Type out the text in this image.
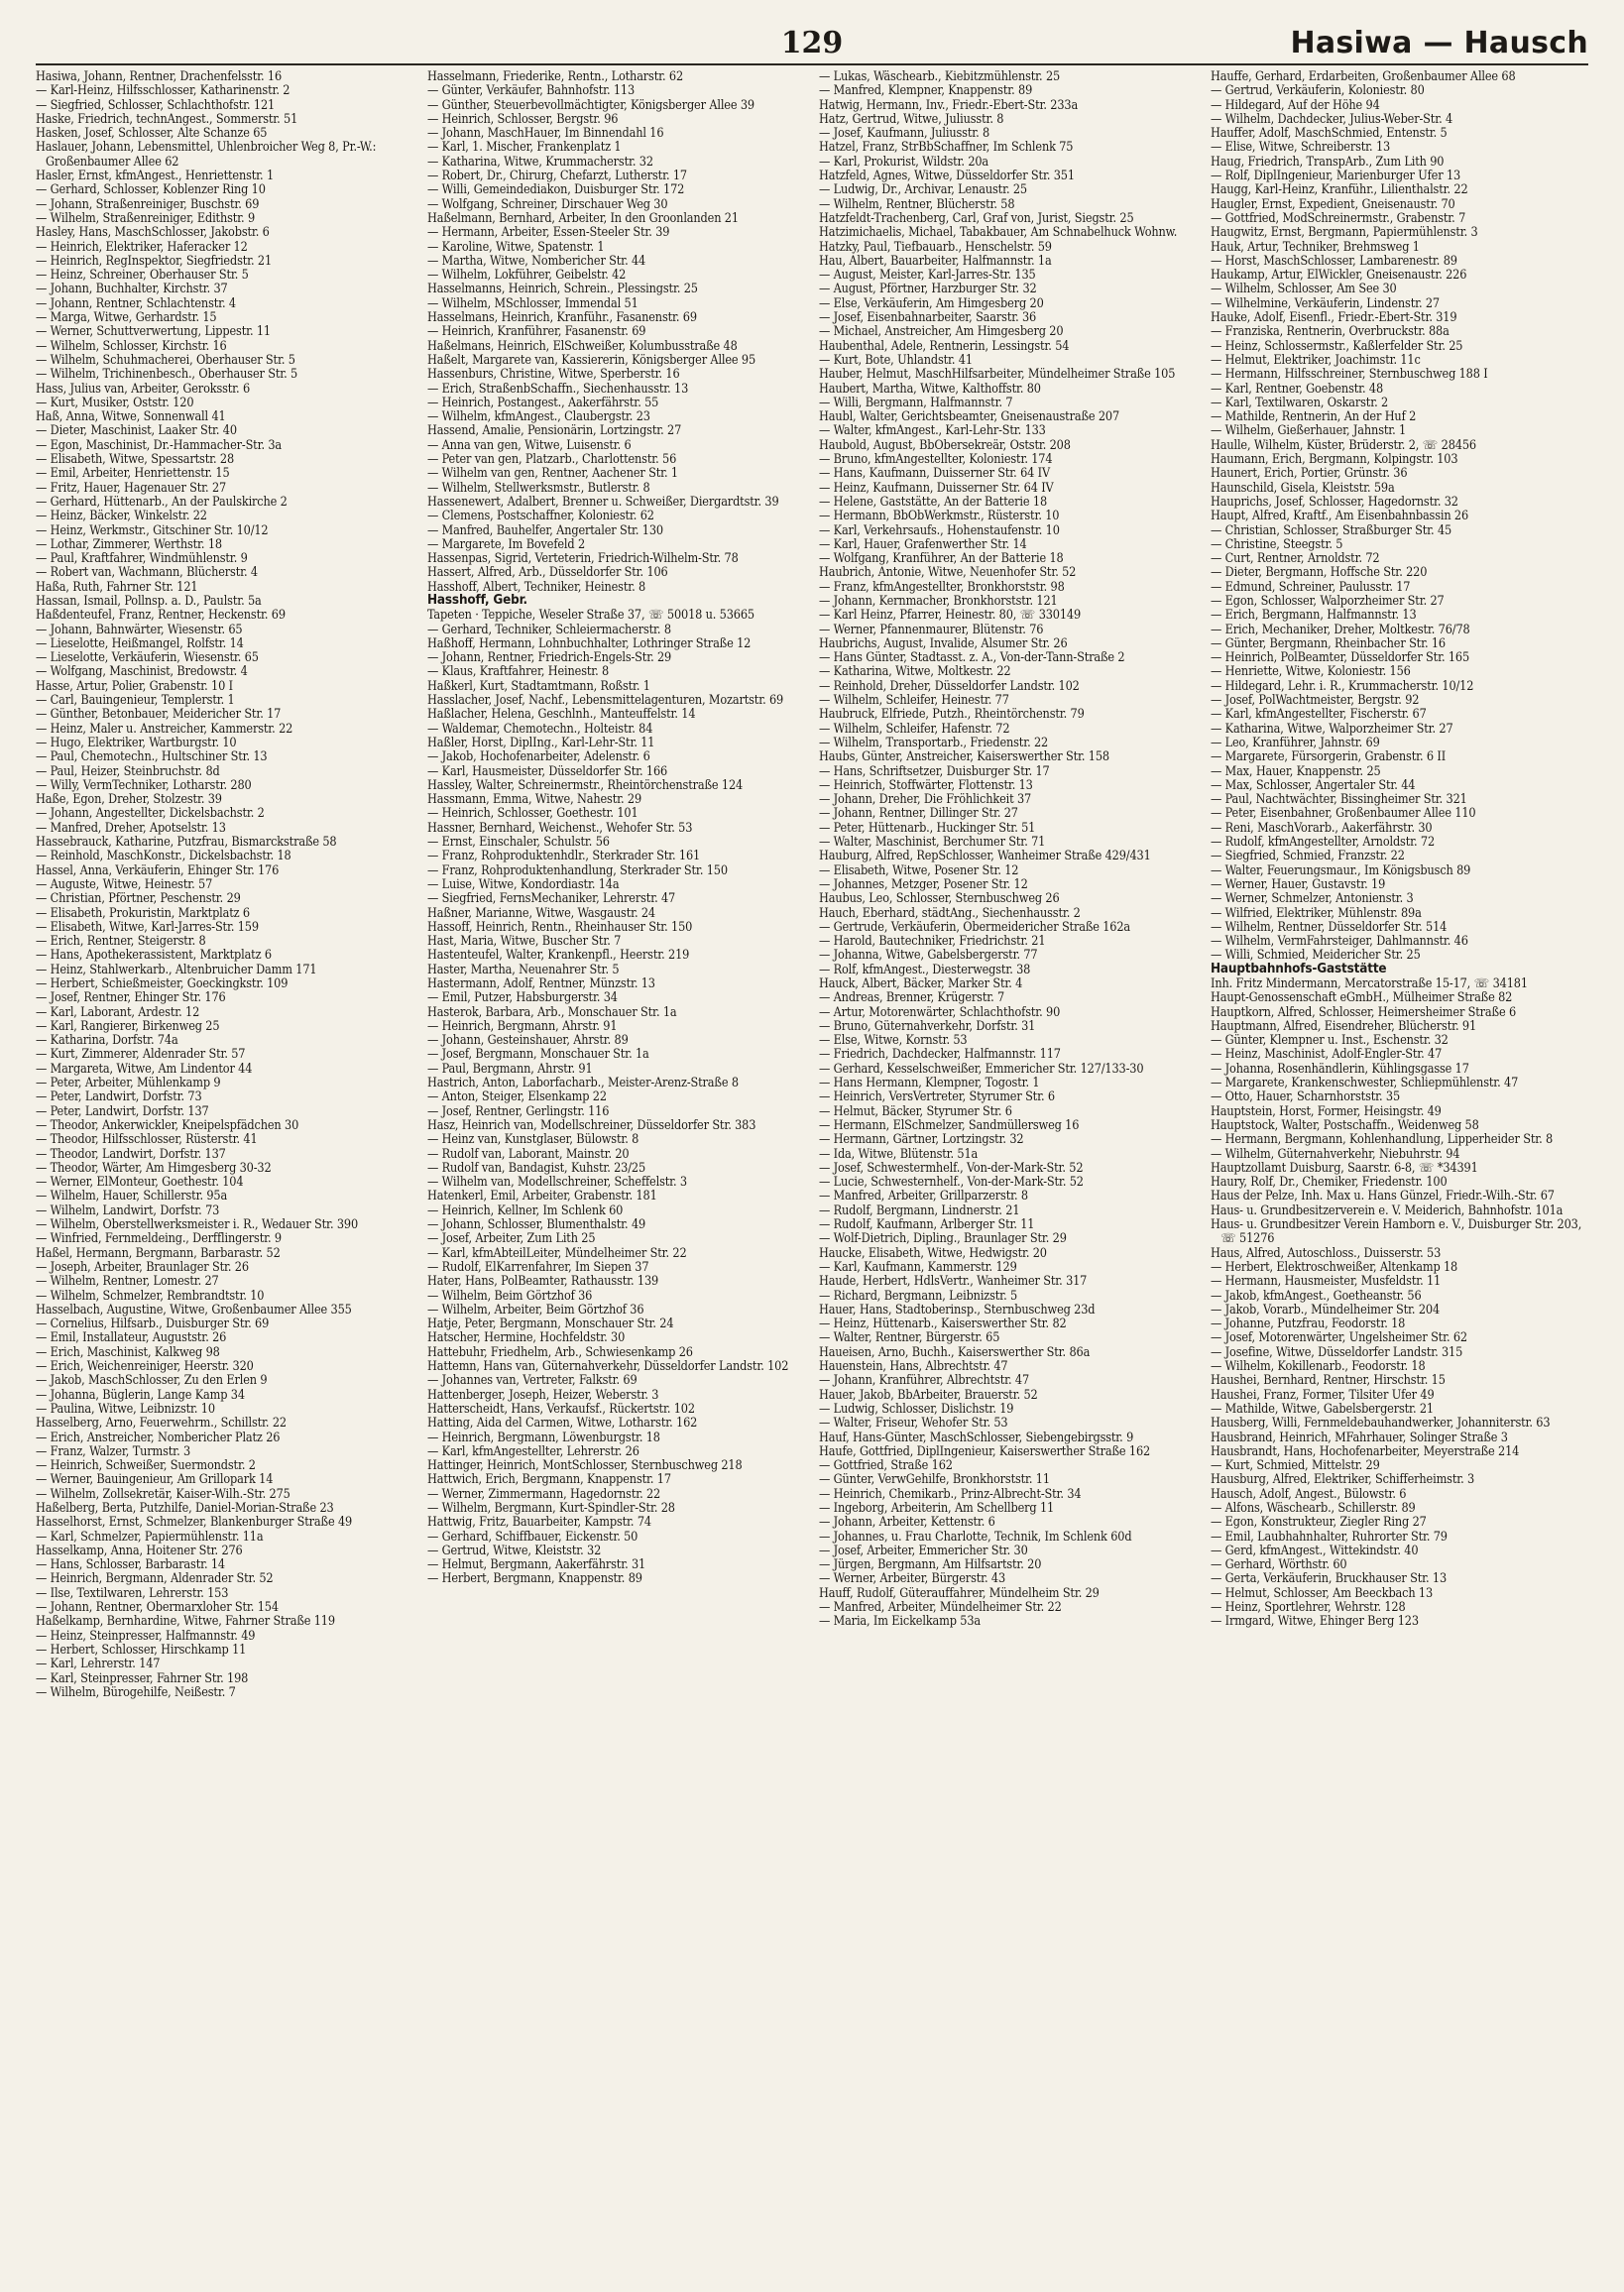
129	Hasiwa — Hausch
Hasiwa, Johann, Rentner, Drachenfelsstr. 16
— Karl-Heinz, Hilfsschlosser, Katharinenstr. 2
— Siegfried, Schlosser, Schlachthofstr. 121
Haske, Friedrich, technAngest., Sommerstr. 51
Hasken, Josef, Schlosser, Alte Schanze 65
Haslauer, Johann, Lebensmittel, Uhlenbroicher Weg 8, Pr.-W.: Großenbaumer Allee 62
Hasler, Ernst, kfmAngest., Henriettenstr. 1
— Gerhard, Schlosser, Koblenzer Ring 10
— Johann, Straßenreiniger, Buschstr. 69
— Wilhelm, Straßenreiniger, Edithstr. 9
Hasley, Hans, MaschSchlosser, Jakobstr. 6
— Heinrich, Elektriker, Haferacker 12
— Heinrich, RegInspektor, Siegfriedstr. 21
— Heinz, Schreiner, Oberhauser Str. 5
— Johann, Buchhalter, Kirchstr. 37
— Johann, Rentner, Schlachtenstr. 4
— Marga, Witwe, Gerhardstr. 15
— Werner, Schuttverwertung, Lippestr. 11
— Wilhelm, Schlosser, Kirchstr. 16
— Wilhelm, Schuhmacherei, Oberhauser Str. 5
— Wilhelm, Trichinenbesch., Oberhauser Str. 5
Hass, Julius van, Arbeiter, Geroksstr. 6
— Kurt, Musiker, Oststr. 120
Haß, Anna, Witwe, Sonnenwall 41
— Dieter, Maschinist, Laaker Str. 40
— Egon, Maschinist, Dr.-Hammacher-Str. 3a
— Elisabeth, Witwe, Spessartstr. 28
— Emil, Arbeiter, Henriettenstr. 15
— Fritz, Hauer, Hagenauer Str. 27
— Gerhard, Hüttenarb., An der Paulskirche 2
— Heinz, Bäcker, Winkelstr. 22
— Heinz, Werkmstr., Gitschiner Str. 10/12
— Lothar, Zimmerer, Werthstr. 18
— Paul, Kraftfahrer, Windmühlenstr. 9
— Robert van, Wachmann, Blücherstr. 4
Haßa, Ruth, Fahrner Str. 121
Hassan, Ismail, Pollnsp. a. D., Paulstr. 5a
Haßdenteufel, Franz, Rentner, Heckenstr. 69
— Johann, Bahnwärter, Wiesenstr. 65
— Lieselotte, Heißmangel, Rolfstr. 14
— Lieselotte, Verkäuferin, Wiesenstr. 65
— Wolfgang, Maschinist, Bredowstr. 4
Hasse, Artur, Polier, Grabenstr. 10 I
— Carl, Bauingenieur, Templerstr. 1
— Günther, Betonbauer, Meidericher Str. 17
— Heinz, Maler u. Anstreicher, Kammerstr. 22
— Hugo, Elektriker, Wartburgstr. 10
— Paul, Chemotechn., Hultschiner Str. 13
— Paul, Heizer, Steinbruchstr. 8d
— Willy, VermTechniker, Lotharstr. 280
Haße, Egon, Dreher, Stolzestr. 39
— Johann, Angestellter, Dickelsbachstr. 2
— Manfred, Dreher, Apotselstr. 13
Hassebrauck, Katharine, Putzfrau, Bismarckstraße 58
— Reinhold, MaschKonstr., Dickelsbachstr. 18
Hassel, Anna, Verkäuferin, Ehinger Str. 176
— Auguste, Witwe, Heinestr. 57
— Christian, Pförtner, Peschenstr. 29
— Elisabeth, Prokuristin, Marktplatz 6
— Elisabeth, Witwe, Karl-Jarres-Str. 159
— Erich, Rentner, Steigerstr. 8
— Hans, Apothekerassistent, Marktplatz 6
— Heinz, Stahlwerkarb., Altenbruicher Damm 171
— Herbert, Schießmeister, Goeckingkstr. 109
— Josef, Rentner, Ehinger Str. 176
— Karl, Laborant, Ardestr. 12
— Karl, Rangierer, Birkenweg 25
— Katharina, Dorfstr. 74a
— Kurt, Zimmerer, Aldenrader Str. 57
— Margareta, Witwe, Am Lindentor 44
— Peter, Arbeiter, Mühlenkamp 9
— Peter, Landwirt, Dorfstr. 73
— Peter, Landwirt, Dorfstr. 137
— Theodor, Ankerwickler, Kneipelspfädchen 30
— Theodor, Hilfsschlosser, Rüsterstr. 41
— Theodor, Landwirt, Dorfstr. 137
— Theodor, Wärter, Am Himgesberg 30-32
— Werner, ElMonteur, Goethestr. 104
— Wilhelm, Hauer, Schillerstr. 95a
— Wilhelm, Landwirt, Dorfstr. 73
— Wilhelm, Oberstellwerksmeister i. R., Wedauer Str. 390
— Winfried, Fernmeldeing., Derfflingerstr. 9
Haßel, Hermann, Bergmann, Barbarastr. 52
— Joseph, Arbeiter, Braunlager Str. 26
— Wilhelm, Rentner, Lomestr. 27
— Wilhelm, Schmelzer, Rembrandtstr. 10
Hasselbach, Augustine, Witwe, Großenbaumer Allee 355
— Cornelius, Hilfsarb., Duisburger Str. 69
— Emil, Installateur, Auguststr. 26
— Erich, Maschinist, Kalkweg 98
— Erich, Weichenreiniger, Heerstr. 320
— Jakob, MaschSchlosser, Zu den Erlen 9
— Johanna, Büglerin, Lange Kamp 34
— Paulina, Witwe, Leibnizstr. 10
Hasselberg, Arno, Feuerwehrm., Schillstr. 22
— Erich, Anstreicher, Nombericher Platz 26
— Franz, Walzer, Turmstr. 3
— Heinrich, Schweißer, Suermondstr. 2
— Werner, Bauingenieur, Am Grillopark 14
— Wilhelm, Zollsekretär, Kaiser-Wilh.-Str. 275
Haßelberg, Berta, Putzhilfe, Daniel-Morian-Straße 23
Hasselhorst, Ernst, Schmelzer, Blankenburger Straße 49
— Karl, Schmelzer, Papiermühlenstr. 11a
Hasselkamp, Anna, Hoitener Str. 276
— Hans, Schlosser, Barbarastr. 14
— Heinrich, Bergmann, Aldenrader Str. 52
— Ilse, Textilwaren, Lehrerstr. 153
— Johann, Rentner, Obermarxloher Str. 154
Haßelkamp, Bernhardine, Witwe, Fahrner Straße 119
— Heinz, Steinpresser, Halfmannstr. 49
— Herbert, Schlosser, Hirschkamp 11
— Karl, Lehrerstr. 147
— Karl, Steinpresser, Fahrner Str. 198
— Wilhelm, Bürogehilfe, Neißestr. 7
Hasselmann, Friederike, Rentn., Lotharstr. 62
— Günter, Verkäufer, Bahnhofstr. 113
— Günther, Steuerbevollmächtigter, Königsberger Allee 39
— Heinrich, Schlosser, Bergstr. 96
— Johann, MaschHauer, Im Binnendahl 16
— Karl, 1. Mischer, Frankenplatz 1
— Katharina, Witwe, Krummacherstr. 32
— Robert, Dr., Chirurg, Chefarzt, Lutherstr. 17
— Willi, Gemeindediakon, Duisburger Str. 172
— Wolfgang, Schreiner, Dirschauer Weg 30
Haßelmann, Bernhard, Arbeiter, In den Groonlanden 21
— Hermann, Arbeiter, Essen-Steeler Str. 39
— Karoline, Witwe, Spatenstr. 1
— Martha, Witwe, Nombericher Str. 44
— Wilhelm, Lokführer, Geibelstr. 42
Hasselmanns, Heinrich, Schrein., Plessingstr. 25
— Wilhelm, MSchlosser, Immendal 51
Hasselmans, Heinrich, Kranführ., Fasanenstr. 69
— Heinrich, Kranführer, Fasanenstr. 69
Haßelmans, Heinrich, ElSchweißer, Kolumbusstraße 48
Haßelt, Margarete van, Kassiererin, Königsberger Allee 95
Hassenburs, Christine, Witwe, Sperberstr. 16
— Erich, StraßenbSchaffn., Siechenhausstr. 13
— Heinrich, Postangest., Aakerfährstr. 55
— Wilhelm, kfmAngest., Claubergstr. 23
Hassend, Amalie, Pensionärin, Lortzingstr. 27
— Anna van gen, Witwe, Luisenstr. 6
— Peter van gen, Platzarb., Charlottenstr. 56
— Wilhelm van gen, Rentner, Aachener Str. 1
— Wilhelm, Stellwerksmstr., Butlerstr. 8
Hassenewert, Adalbert, Brenner u. Schweißer, Diergardtstr. 39
— Clemens, Postschaffner, Koloniestr. 62
— Manfred, Bauhelfer, Angertaler Str. 130
— Margarete, Im Bovefeld 2
Hassenpas, Sigrid, Verteterin, Friedrich-Wilhelm-Str. 78
Hassert, Alfred, Arb., Düsseldorfer Str. 106
Hasshoff, Albert, Techniker, Heinestr. 8
Hasshoff, Gebr.
Tapeten · Teppiche, Weseler Straße 37, ☏ 50018 u. 53665
— Gerhard, Techniker, Schleiermacherstr. 8
Haßhoff, Hermann, Lohnbuchhalter, Lothringer Straße 12
— Johann, Rentner, Friedrich-Engels-Str. 29
— Klaus, Kraftfahrer, Heinestr. 8
Haßkerl, Kurt, Stadtamtmann, Roßstr. 1
Hasslacher, Josef, Nachf., Lebensmittelagenturen, Mozartstr. 69
Haßlacher, Helena, Geschlnh., Manteuffelstr. 14
— Waldemar, Chemotechn., Holteistr. 84
Haßler, Horst, DiplIng., Karl-Lehr-Str. 11
— Jakob, Hochofenarbeiter, Adelenstr. 6
— Karl, Hausmeister, Düsseldorfer Str. 166
Hassley, Walter, Schreinermstr., Rheintörchenstraße 124
Hassmann, Emma, Witwe, Nahestr. 29
— Heinrich, Schlosser, Goethestr. 101
Hassner, Bernhard, Weichenst., Wehofer Str. 53
— Ernst, Einschaler, Schulstr. 56
— Franz, Rohproduktenhdlr., Sterkrader Str. 161
— Franz, Rohproduktenhandlung, Sterkrader Str. 150
— Luise, Witwe, Kondordiastr. 14a
— Siegfried, FernsMechaniker, Lehrerstr. 47
Haßner, Marianne, Witwe, Wasgaustr. 24
Hassoff, Heinrich, Rentn., Rheinhauser Str. 150
Hast, Maria, Witwe, Buscher Str. 7
Hastenteufel, Walter, Krankenpfl., Heerstr. 219
Haster, Martha, Neuenahrer Str. 5
Hastermann, Adolf, Rentner, Münzstr. 13
— Emil, Putzer, Habsburgerstr. 34
Hasterok, Barbara, Arb., Monschauer Str. 1a
— Heinrich, Bergmann, Ahrstr. 91
— Johann, Gesteinshauer, Ahrstr. 89
— Josef, Bergmann, Monschauer Str. 1a
— Paul, Bergmann, Ahrstr. 91
Hastrich, Anton, Laborfacharb., Meister-Arenz-Straße 8
— Anton, Steiger, Elsenkamp 22
— Josef, Rentner, Gerlingstr. 116
Hasz, Heinrich van, Modellschreiner, Düsseldorfer Str. 383
— Heinz van, Kunstglaser, Bülowstr. 8
— Rudolf van, Laborant, Mainstr. 20
— Rudolf van, Bandagist, Kuhstr. 23/25
— Wilhelm van, Modellschreiner, Scheffelstr. 3
Hatenkerl, Emil, Arbeiter, Grabenstr. 181
— Heinrich, Kellner, Im Schlenk 60
— Johann, Schlosser, Blumenthalstr. 49
— Josef, Arbeiter, Zum Lith 25
— Karl, kfmAbteilLeiter, Mündelheimer Str. 22
— Rudolf, ElKarrenfahrer, Im Siepen 37
Hater, Hans, PolBeamter, Rathausstr. 139
— Wilhelm, Beim Görtzhof 36
— Wilhelm, Arbeiter, Beim Görtzhof 36
Hatje, Peter, Bergmann, Monschauer Str. 24
Hatscher, Hermine, Hochfeldstr. 30
Hattebuhr, Friedhelm, Arb., Schwiesenkamp 26
Hattemn, Hans van, Güternahverkehr, Düsseldorfer Landstr. 102
— Johannes van, Vertreter, Falkstr. 69
Hattenberger, Joseph, Heizer, Weberstr. 3
Hatterscheidt, Hans, Verkaufsf., Rückertstr. 102
Hatting, Aida del Carmen, Witwe, Lotharstr. 162
— Heinrich, Bergmann, Löwenburgstr. 18
— Karl, kfmAngestellter, Lehrerstr. 26
Hattinger, Heinrich, MontSchlosser, Sternbuschweg 218
Hattwich, Erich, Bergmann, Knappenstr. 17
— Werner, Zimmermann, Hagedornstr. 22
— Wilhelm, Bergmann, Kurt-Spindler-Str. 28
Hattwig, Fritz, Bauarbeiter, Kampstr. 74
— Gerhard, Schiffbauer, Eickenstr. 50
— Gertrud, Witwe, Kleiststr. 32
— Helmut, Bergmann, Aakerfährstr. 31
— Herbert, Bergmann, Knappenstr. 89
— Lukas, Wäschearb., Kiebitzmühlenstr. 25
— Manfred, Klempner, Knappenstr. 89
Hatwig, Hermann, Inv., Friedr.-Ebert-Str. 233a
Hatz, Gertrud, Witwe, Juliusstr. 8
— Josef, Kaufmann, Juliusstr. 8
Hatzel, Franz, StrBbSchaffner, Im Schlenk 75
— Karl, Prokurist, Wildstr. 20a
Hatzfeld, Agnes, Witwe, Düsseldorfer Str. 351
— Ludwig, Dr., Archivar, Lenaustr. 25
— Wilhelm, Rentner, Blücherstr. 58
Hatzfeldt-Trachenberg, Carl, Graf von, Jurist, Siegstr. 25
Hatzimichaelis, Michael, Tabakbauer, Am Schnabelhuck Wohnw.
Hatzky, Paul, Tiefbauarb., Henschelstr. 59
Hau, Albert, Bauarbeiter, Halfmannstr. 1a
— August, Meister, Karl-Jarres-Str. 135
— August, Pförtner, Harzburger Str. 32
— Else, Verkäuferin, Am Himgesberg 20
— Josef, Eisenbahnarbeiter, Saarstr. 36
— Michael, Anstreicher, Am Himgesberg 20
Haubenthal, Adele, Rentnerin, Lessingstr. 54
— Kurt, Bote, Uhlandstr. 41
Hauber, Helmut, MaschHilfsarbeiter, Mündelheimer Straße 105
Haubert, Martha, Witwe, Kalthoffstr. 80
— Willi, Bergmann, Halfmannstr. 7
Haubl, Walter, Gerichtsbeamter, Gneisenaustraße 207
— Walter, kfmAngest., Karl-Lehr-Str. 133
Haubold, August, BbObersekreär, Oststr. 208
— Bruno, kfmAngestellter, Koloniestr. 174
— Hans, Kaufmann, Duisserner Str. 64 IV
— Heinz, Kaufmann, Duisserner Str. 64 IV
— Helene, Gaststätte, An der Batterie 18
— Hermann, BbObWerkmstr., Rüsterstr. 10
— Karl, Verkehrsaufs., Hohenstaufenstr. 10
— Karl, Hauer, Grafenwerther Str. 14
— Wolfgang, Kranführer, An der Batterie 18
Haubrich, Antonie, Witwe, Neuenhofer Str. 52
— Franz, kfmAngestellter, Bronkhorststr. 98
— Johann, Kernmacher, Bronkhorststr. 121
— Karl Heinz, Pfarrer, Heinestr. 80, ☏ 330149
— Werner, Pfannenmaurer, Blütenstr. 76
Haubrichs, August, Invalide, Alsumer Str. 26
— Hans Günter, Stadtasst. z. A., Von-der-Tann-Straße 2
— Katharina, Witwe, Moltkestr. 22
— Reinhold, Dreher, Düsseldorfer Landstr. 102
— Wilhelm, Schleifer, Heinestr. 77
Haubruck, Elfriede, Putzh., Rheintörchenstr. 79
— Wilhelm, Schleifer, Hafenstr. 72
— Wilhelm, Transportarb., Friedenstr. 22
Haubs, Günter, Anstreicher, Kaiserswerther Str. 158
— Hans, Schriftsetzer, Duisburger Str. 17
— Heinrich, Stoffwärter, Flottenstr. 13
— Johann, Dreher, Die Fröhlichkeit 37
— Johann, Rentner, Dillinger Str. 27
— Peter, Hüttenarb., Huckinger Str. 51
— Walter, Maschinist, Berchumer Str. 71
Hauburg, Alfred, RepSchlosser, Wanheimer Straße 429/431
— Elisabeth, Witwe, Posener Str. 12
— Johannes, Metzger, Posener Str. 12
Haubus, Leo, Schlosser, Sternbuschweg 26
Hauch, Eberhard, städtAng., Siechenhausstr. 2
— Gertrude, Verkäuferin, Obermeidericher Straße 162a
— Harold, Bautechniker, Friedrichstr. 21
— Johanna, Witwe, Gabelsbergerstr. 77
— Rolf, kfmAngest., Diesterwegstr. 38
Hauck, Albert, Bäcker, Marker Str. 4
— Andreas, Brenner, Krügerstr. 7
— Artur, Motorenwärter, Schlachthofstr. 90
— Bruno, Güternahverkehr, Dorfstr. 31
— Else, Witwe, Kornstr. 53
— Friedrich, Dachdecker, Halfmannstr. 117
— Gerhard, Kesselschweißer, Emmericher Str. 127/133-30
— Hans Hermann, Klempner, Togostr. 1
— Heinrich, VersVertreter, Styrumer Str. 6
— Helmut, Bäcker, Styrumer Str. 6
— Hermann, ElSchmelzer, Sandmüllersweg 16
— Hermann, Gärtner, Lortzingstr. 32
— Ida, Witwe, Blütenstr. 51a
— Josef, Schwestermhelf., Von-der-Mark-Str. 52
— Lucie, Schwesternhelf., Von-der-Mark-Str. 52
— Manfred, Arbeiter, Grillparzerstr. 8
— Rudolf, Bergmann, Lindnerstr. 21
— Rudolf, Kaufmann, Arlberger Str. 11
— Wolf-Dietrich, Dipling., Braunlager Str. 29
Haucke, Elisabeth, Witwe, Hedwigstr. 20
— Karl, Kaufmann, Kammerstr. 129
Haude, Herbert, HdlsVertr., Wanheimer Str. 317
— Richard, Bergmann, Leibnizstr. 5
Hauer, Hans, Stadtoberinsp., Sternbuschweg 23d
— Heinz, Hüttenarb., Kaiserswerther Str. 82
— Walter, Rentner, Bürgerstr. 65
Haueisen, Arno, Buchh., Kaiserswerther Str. 86a
Hauenstein, Hans, Albrechtstr. 47
— Johann, Kranführer, Albrechtstr. 47
Hauer, Jakob, BbArbeiter, Brauerstr. 52
— Ludwig, Schlosser, Dislichstr. 19
— Walter, Friseur, Wehofer Str. 53
Hauf, Hans-Günter, MaschSchlosser, Siebengebirgsstr. 9
Haufe, Gottfried, DiplIngenieur, Kaiserswerther Straße 162
— Gottfried, Straße 162
— Günter, VerwGehilfe, Bronkhorststr. 11
— Heinrich, Chemikarb., Prinz-Albrecht-Str. 34
— Ingeborg, Arbeiterin, Am Schellberg 11
— Johann, Arbeiter, Kettenstr. 6
— Johannes, u. Frau Charlotte, Technik, Im Schlenk 60d
— Josef, Arbeiter, Emmericher Str. 30
— Jürgen, Bergmann, Am Hilfsartstr. 20
— Werner, Arbeiter, Bürgerstr. 43
Hauff, Rudolf, Güterauffahrer, Mündelheim Str. 29
— Manfred, Arbeiter, Mündelheimer Str. 22
— Maria, Im Eickelkamp 53a
Hauffe, Gerhard, Erdarbeiten, Großenbaumer Allee 68
— Gertrud, Verkäuferin, Koloniestr. 80
— Hildegard, Auf der Höhe 94
— Wilhelm, Dachdecker, Julius-Weber-Str. 4
Hauffer, Adolf, MaschSchmied, Entenstr. 5
— Elise, Witwe, Schreiberstr. 13
Haug, Friedrich, TranspArb., Zum Lith 90
— Rolf, DiplIngenieur, Marienburger Ufer 13
Haugg, Karl-Heinz, Kranführ., Lilienthalstr. 22
Haugler, Ernst, Expedient, Gneisenaustr. 70
— Gottfried, ModSchreinermstr., Grabenstr. 7
Haugwitz, Ernst, Bergmann, Papiermühlenstr. 3
Hauk, Artur, Techniker, Brehmsweg 1
— Horst, MaschSchlosser, Lambarenestr. 89
Haukamp, Artur, ElWickler, Gneisenaustr. 226
— Wilhelm, Schlosser, Am See 30
— Wilhelmine, Verkäuferin, Lindenstr. 27
Hauke, Adolf, Eisenfl., Friedr.-Ebert-Str. 319
— Franziska, Rentnerin, Overbruckstr. 88a
— Heinz, Schlossermstr., Kaßlerfelder Str. 25
— Helmut, Elektriker, Joachimstr. 11c
— Hermann, Hilfsschreiner, Sternbuschweg 188 I
— Karl, Rentner, Goebenstr. 48
— Karl, Textilwaren, Oskarstr. 2
— Mathilde, Rentnerin, An der Huf 2
— Wilhelm, Gießerhauer, Jahnstr. 1
Haulle, Wilhelm, Küster, Brüderstr. 2, ☏ 28456
Haumann, Erich, Bergmann, Kolpingstr. 103
Haunert, Erich, Portier, Grünstr. 36
Haunschild, Gisela, Kleiststr. 59a
Hauprichs, Josef, Schlosser, Hagedornstr. 32
Haupt, Alfred, Kraftf., Am Eisenbahnbassin 26
— Christian, Schlosser, Straßburger Str. 45
— Christine, Steegstr. 5
— Curt, Rentner, Arnoldstr. 72
— Dieter, Bergmann, Hoffsche Str. 220
— Edmund, Schreiner, Paulusstr. 17
— Egon, Schlosser, Walporzheimer Str. 27
— Erich, Bergmann, Halfmannstr. 13
— Erich, Mechaniker, Dreher, Moltkestr. 76/78
— Günter, Bergmann, Rheinbacher Str. 16
— Heinrich, PolBeamter, Düsseldorfer Str. 165
— Henriette, Witwe, Koloniestr. 156
— Hildegard, Lehr. i. R., Krummacherstr. 10/12
— Josef, PolWachtmeister, Bergstr. 92
— Karl, kfmAngestellter, Fischerstr. 67
— Katharina, Witwe, Walporzheimer Str. 27
— Leo, Kranführer, Jahnstr. 69
— Margarete, Fürsorgerin, Grabenstr. 6 II
— Max, Hauer, Knappenstr. 25
— Max, Schlosser, Angertaler Str. 44
— Paul, Nachtwächter, Bissingheimer Str. 321
— Peter, Eisenbahner, Großenbaumer Allee 110
— Reni, MaschVorarb., Aakerfährstr. 30
— Rudolf, kfmAngestellter, Arnoldstr. 72
— Siegfried, Schmied, Franzstr. 22
— Walter, Feuerungsmaur., Im Königsbusch 89
— Werner, Hauer, Gustavstr. 19
— Werner, Schmelzer, Antonienstr. 3
— Wilfried, Elektriker, Mühlenstr. 89a
— Wilhelm, Rentner, Düsseldorfer Str. 514
— Wilhelm, VermFahrsteiger, Dahlmannstr. 46
— Willi, Schmied, Meidericher Str. 25
Hauptbahnhofs-Gaststätte
Inh. Fritz Mindermann, Mercatorstraße 15-17, ☏ 34181
Haupt-Genossenschaft eGmbH., Mülheimer Straße 82
Hauptkorn, Alfred, Schlosser, Heimersheimer Straße 6
Hauptmann, Alfred, Eisendreher, Blücherstr. 91
— Günter, Klempner u. Inst., Eschenstr. 32
— Heinz, Maschinist, Adolf-Engler-Str. 47
— Johanna, Rosenhändlerin, Kühlingsgasse 17
— Margarete, Krankenschwester, Schliepmühlenstr. 47
— Otto, Hauer, Scharnhorststr. 35
Hauptstein, Horst, Former, Heisingstr. 49
Hauptstock, Walter, Postschaffn., Weidenweg 58
— Hermann, Bergmann, Kohlenhandlung, Lipperheider Str. 8
— Wilhelm, Güternahverkehr, Niebuhrstr. 94
Hauptzollamt Duisburg, Saarstr. 6-8, ☏ *34391
Haury, Rolf, Dr., Chemiker, Friedenstr. 100
Haus der Pelze, Inh. Max u. Hans Günzel, Friedr.-Wilh.-Str. 67
Haus- u. Grundbesitzerverein e. V. Meiderich, Bahnhofstr. 101a
Haus- u. Grundbesitzer Verein Hamborn e. V., Duisburger Str. 203, ☏ 51276
Haus, Alfred, Autoschloss., Duisserstr. 53
— Herbert, Elektroschweißer, Altenkamp 18
— Hermann, Hausmeister, Musfeldstr. 11
— Jakob, kfmAngest., Goetheanstr. 56
— Jakob, Vorarb., Mündelheimer Str. 204
— Johanne, Putzfrau, Feodorstr. 18
— Josef, Motorenwärter, Ungelsheimer Str. 62
— Josefine, Witwe, Düsseldorfer Landstr. 315
— Wilhelm, Kokillenarb., Feodorstr. 18
Haushei, Bernhard, Rentner, Hirschstr. 15
Haushei, Franz, Former, Tilsiter Ufer 49
— Mathilde, Witwe, Gabelsbergerstr. 21
Hausberg, Willi, Fernmeldebauhandwerker, Johanniterstr. 63
Hausbrand, Heinrich, MFahrhauer, Solinger Straße 3
Hausbrandt, Hans, Hochofenarbeiter, Meyerstraße 214
— Kurt, Schmied, Mittelstr. 29
Hausburg, Alfred, Elektriker, Schifferheimstr. 3
Hausch, Adolf, Angest., Bülowstr. 6
— Alfons, Wäschearb., Schillerstr. 89
— Egon, Konstrukteur, Ziegler Ring 27
— Emil, Laubhahnhalter, Ruhrorter Str. 79
— Gerd, kfmAngest., Wittekindstr. 40
— Gerhard, Wörthstr. 60
— Gerta, Verkäuferin, Bruckhauser Str. 13
— Helmut, Schlosser, Am Beeckbach 13
— Heinz, Sportlehrer, Wehrstr. 128
— Irmgard, Witwe, Ehinger Berg 123
